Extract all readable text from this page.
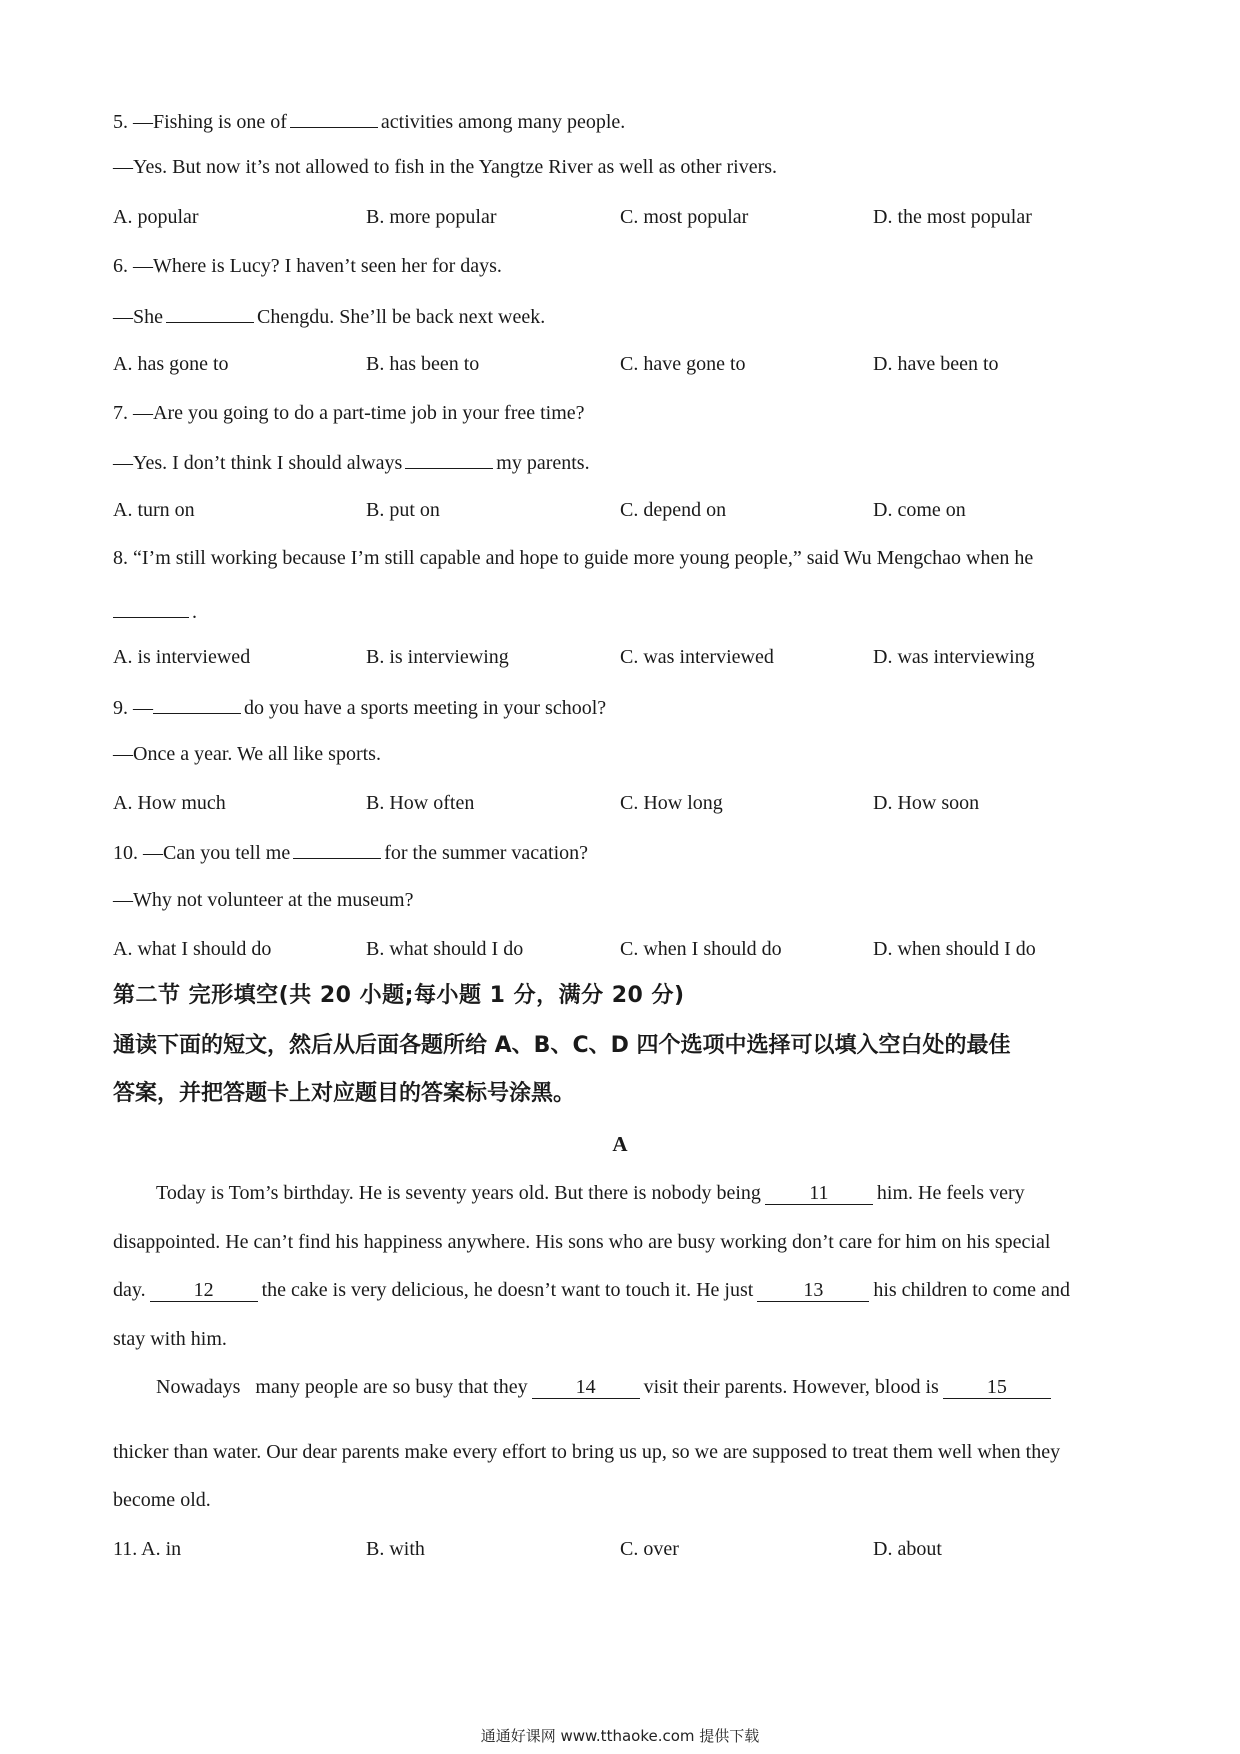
5. —Fishing is one of	activities among many people.
—Yes. But now it’s not allowed to fish in the Yangtze River as well as other rivers.
A. popular	B. more popular	C. most popular	D. the most popular
6. —Where is Lucy? I haven’t seen her for days.
—She	Chengdu. She’ll be back next week.
A. has gone to	B. has been to	C. have gone to	D. have been to
7. —Are you going to do a part-time job in your free time?
—Yes. I don’t think I should always	my parents.
A. turn on	B. put on	C. depend on	D. come on
8. “I’m still working because I’m still capable and hope to guide more young people,” said Wu Mengchao when he
.
A. is interviewed	B. is interviewing	C. was interviewed	D. was interviewing
9. —	do you have a sports meeting in your school?
—Once a year. We all like sports.
A. How much	B. How often	C. How long	D. How soon
10. —Can you tell me	for the summer vacation?
—Why not volunteer at the museum?
A. what I should do	B. what should I do	C. when I should do	D. when should I do
第二节 完形填空(共 20 小题;每小题 1 分，满分 20 分)
通读下面的短文，然后从后面各题所给 A、B、C、D 四个选项中选择可以填入空白处的最佳
答案，并把答题卡上对应题目的答案标号涂黑。
A
Today is Tom’s birthday. He is seventy years old. But there is nobody being 11 him. He feels very
disappointed. He can’t find his happiness anywhere. His sons who are busy working don’t care for him on his special
day. 12 the cake is very delicious, he doesn’t want to touch it. He just	13	his children to come and
stay with him.
Nowadays   many people are so busy that they 14 visit their parents. However, blood is 15
thicker than water. Our dear parents make every effort to bring us up, so we are supposed to treat them well when they
become old.
11. A. in	B. with	C. over	D. about
通通好课网 www.tthaoke.com 提供下载
